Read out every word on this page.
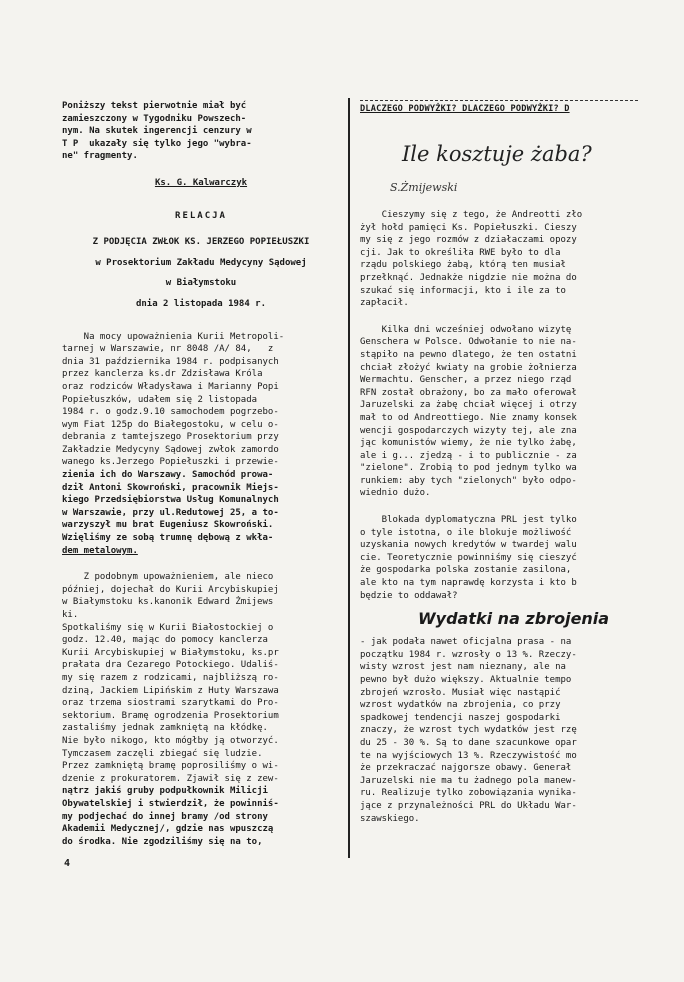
Poniższy tekst pierwotnie miał być
zamieszczony w Tygodniku Powszech-
nym. Na skutek ingerencji cenzury w
T P  ukazały się tylko jego "wybra-
ne" fragmenty.
Ks. G. Kalwarczyk
RELACJA
Z PODJĘCIA ZWŁOK KS. JERZEGO POPIEŁUSZKI
w Prosektorium Zakładu Medycyny Sądowej
w Białymstoku
dnia 2 listopada 1984 r.
Na mocy upoważnienia Kurii Metropoli-
tarnej w Warszawie, nr 8048 /A/ 84,   z
dnia 31 października 1984 r. podpisanych
przez kanclerza ks.dr Zdzisława Króla
oraz rodziców Władysława i Marianny Popi
Popiełuszków, udałem się 2 listopada
1984 r. o godz.9.10 samochodem pogrzebo-
wym Fiat 125p do Białegostoku, w celu o-
debrania z tamtejszego Prosektorium przy
Zakładzie Medycyny Sądowej zwłok zamordo
wanego ks.Jerzego Popiełuszki i przewie-
zienia ich do Warszawy. Samochód prowa-
dził Antoni Skowroński, pracownik Miejs-
kiego Przedsiębiorstwa Usług Komunalnych
w Warszawie, przy ul.Redutowej 25, a to-
warzyszył mu brat Eugeniusz Skowroński.
Wzięliśmy ze sobą trumnę dębową z wkła-
dem metalowym.
Z podobnym upoważnieniem, ale nieco
później, dojechał do Kurii Arcybiskupiej
w Białymstoku ks.kanonik Edward Żmijews
ki.
Spotkaliśmy się w Kurii Białostockiej o
godz. 12.40, mając do pomocy kanclerza
Kurii Arcybiskupiej w Białymstoku, ks.pr
prałata dra Cezarego Potockiego. Udaliś-
my się razem z rodzicami, najbliższą ro-
dziną, Jackiem Lipińskim z Huty Warszawa
oraz trzema siostrami szarytkami do Pro-
sektorium. Bramę ogrodzenia Prosektorium
zastaliśmy jednak zamkniętą na kłódkę.
Nie było nikogo, kto mógłby ją otworzyć.
Tymczasem zaczęli zbiegać się ludzie.
Przez zamkniętą bramę poprosiliśmy o wi-
dzenie z prokuratorem. Zjawił się z zew-
nątrz jakiś gruby podpułkownik Milicji
Obywatelskiej i stwierdził, że powinniś-
my podjechać do innej bramy /od strony
Akademii Medycznej/, gdzie nas wpuszczą
do środka. Nie zgodziliśmy się na to,
4
DLACZEGO PODWYŻKI? DLACZEGO PODWYŻKI? D
Ile kosztuje żaba?
S.Żmijewski
Cieszymy się z tego, że Andreotti zło
żył hołd pamięci Ks. Popiełuszki. Cieszy
my się z jego rozmów z działaczami opozy
cji. Jak to określiła RWE było to dla
rządu polskiego żabą, którą ten musiał
przełknąć. Jednakże nigdzie nie można do
szukać się informacji, kto i ile za to
zapłacił.
Kilka dni wcześniej odwołano wizytę
Genschera w Polsce. Odwołanie to nie na-
stąpiło na pewno dlatego, że ten ostatni
chciał złożyć kwiaty na grobie żołnierza
Wermachtu. Genscher, a przez niego rząd
RFN został obrażony, bo za mało oferował
Jaruzelski za żabę chciał więcej i otrzy
mał to od Andreottiego. Nie znamy konsek
wencji gospodarczych wizyty tej, ale zna
jąc komunistów wiemy, że nie tylko żabę,
ale i g... zjedzą - i to publicznie - za
"zielone". Zrobią to pod jednym tylko wa
runkiem: aby tych "zielonych" było odpo-
wiednio dużo.
Blokada dyplomatyczna PRL jest tylko
o tyle istotna, o ile blokuje możliwość
uzyskania nowych kredytów w twardej walu
cie. Teoretycznie powinniśmy się cieszyć
że gospodarka polska zostanie zasilona,
ale kto na tym naprawdę korzysta i kto b
będzie to oddawał?
Wydatki na zbrojenia
- jak podała nawet oficjalna prasa - na
początku 1984 r. wzrosły o 13 %. Rzeczy-
wisty wzrost jest nam nieznany, ale na
pewno był dużo większy. Aktualnie tempo
zbrojeń wzrosło. Musiał więc nastąpić
wzrost wydatków na zbrojenia, co przy
spadkowej tendencji naszej gospodarki
znaczy, że wzrost tych wydatków jest rzę
du 25 - 30 %. Są to dane szacunkowe opar
te na wyjściowych 13 %. Rzeczywistość mo
że przekraczać najgorsze obawy. Generał
Jaruzelski nie ma tu żadnego pola manew-
ru. Realizuje tylko zobowiązania wynika-
jące z przynależności PRL do Układu War-
szawskiego.
